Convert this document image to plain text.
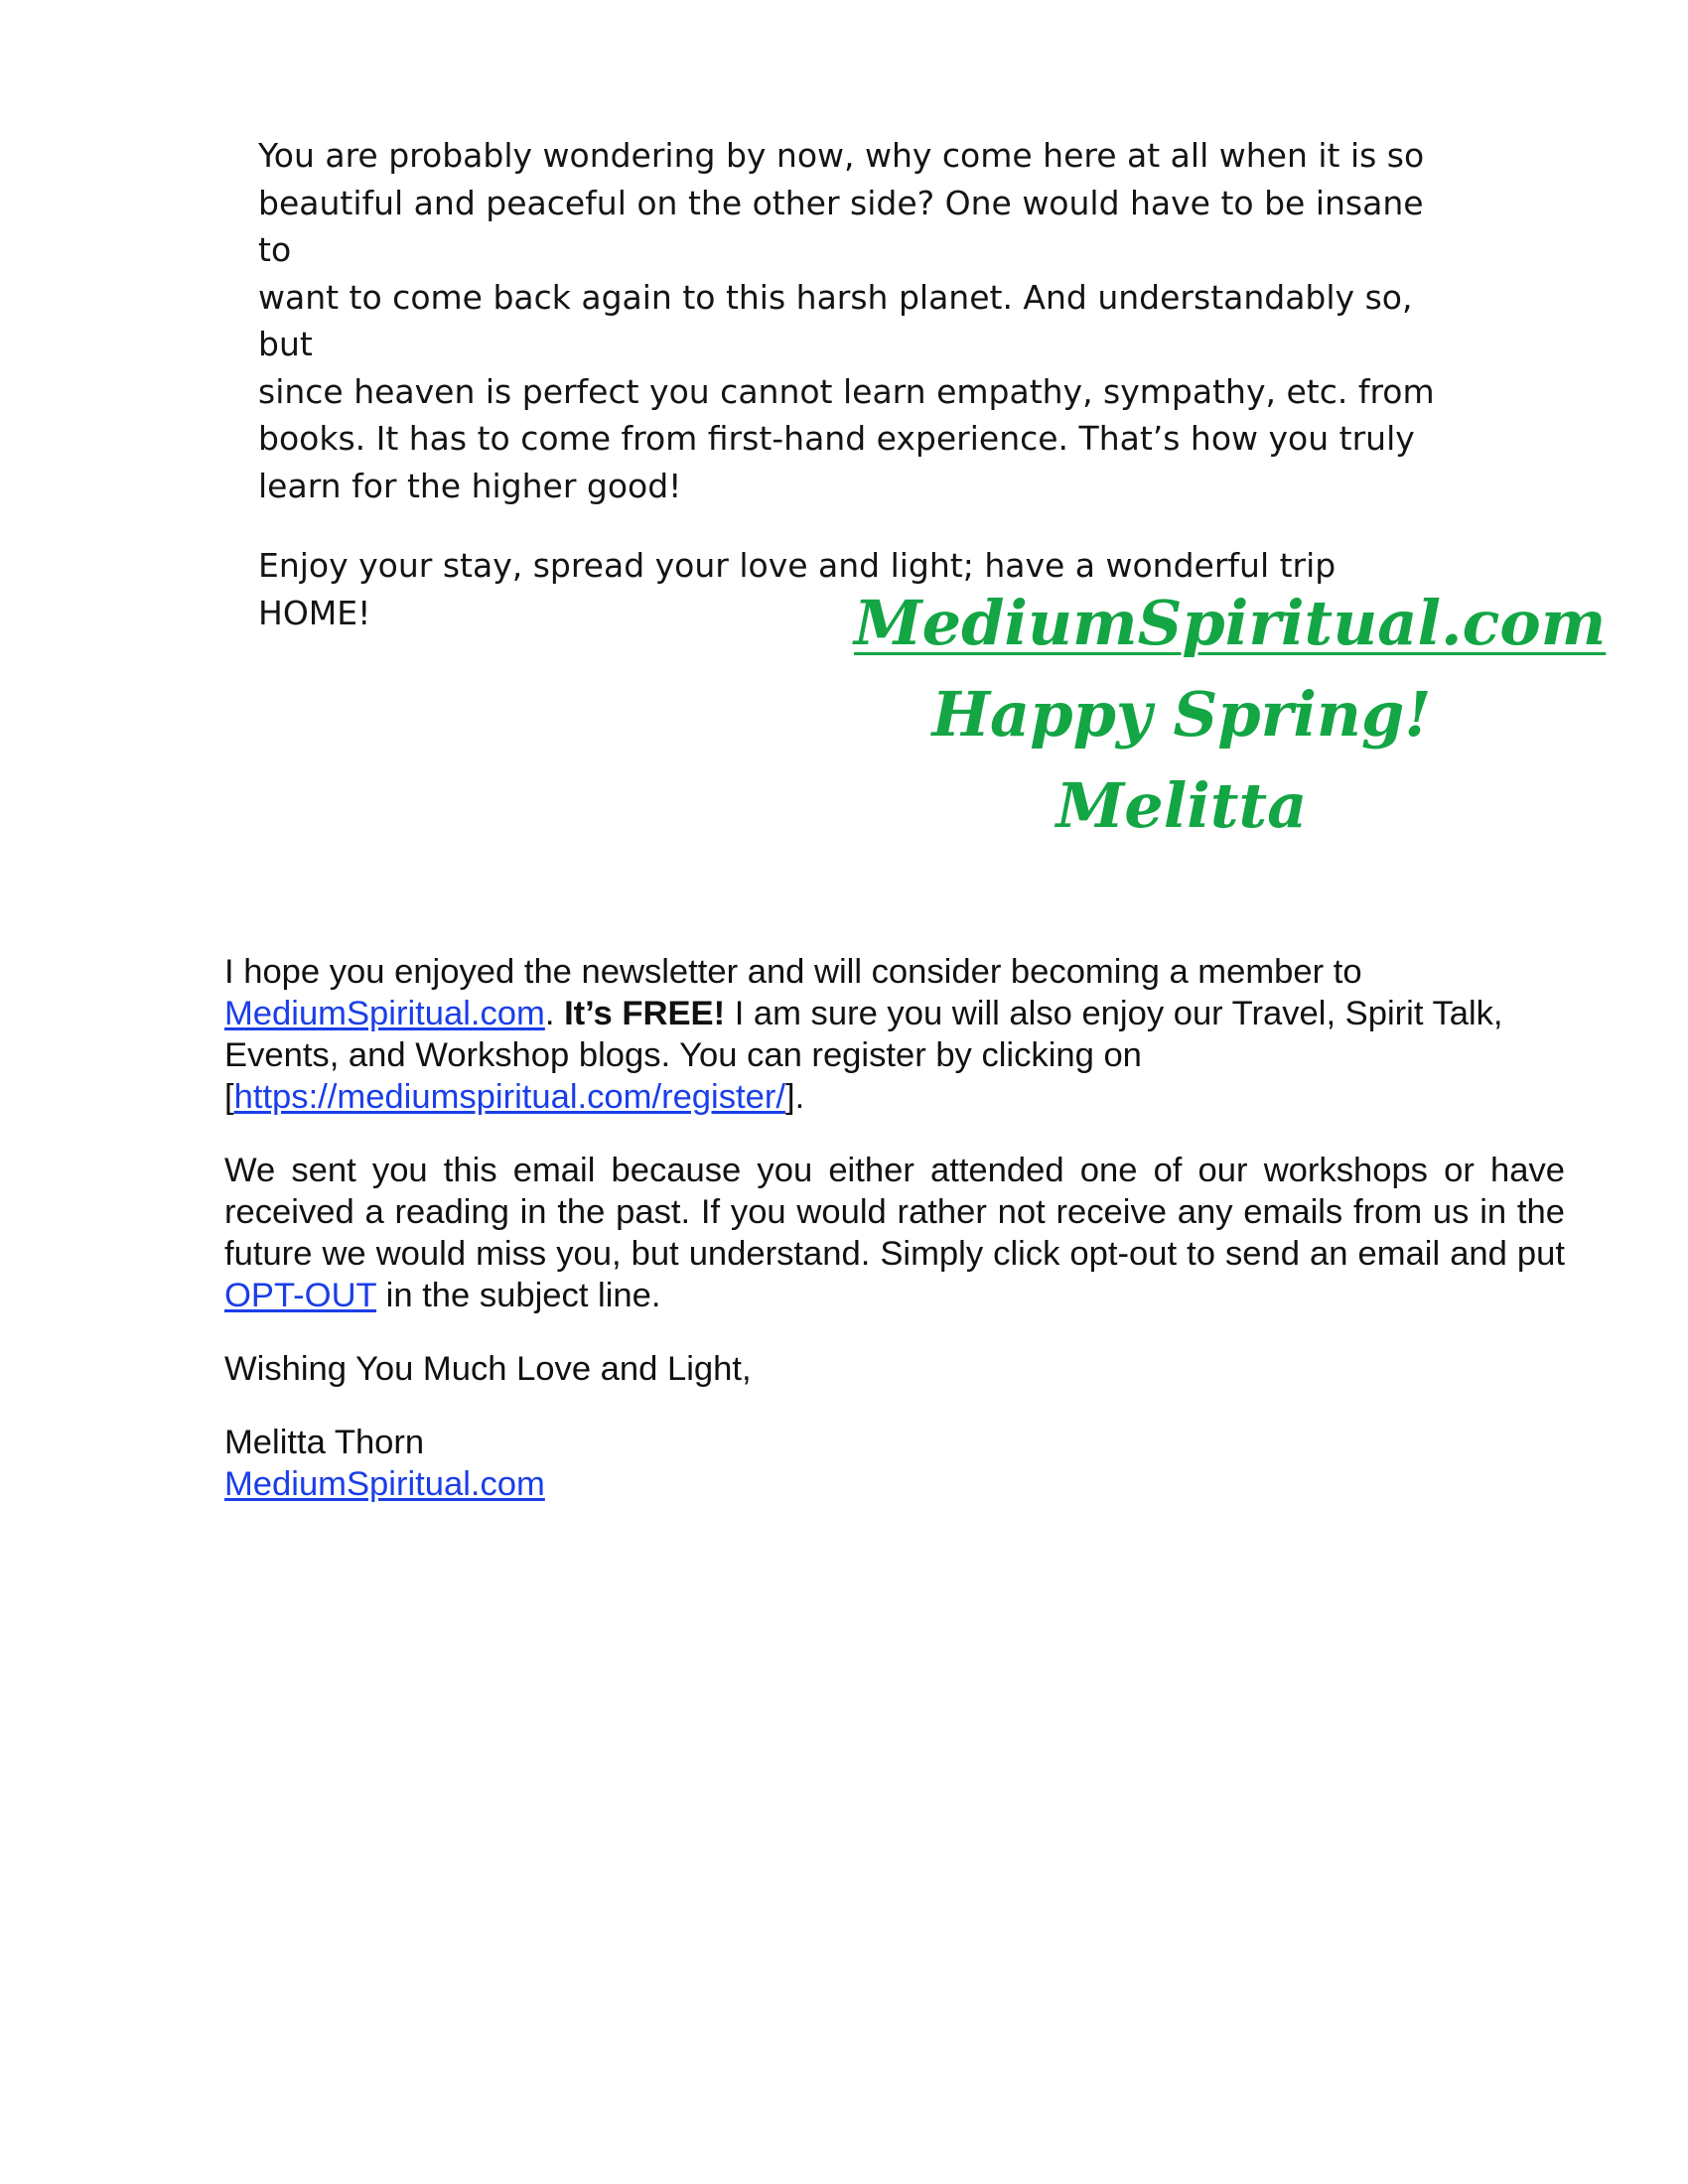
You are probably wondering by now, why come here at all when it is so
beautiful and peaceful on the other side? One would have to be insane to
want to come back again to this harsh planet. And understandably so, but
since heaven is perfect you cannot learn empathy, sympathy, etc. from
books. It has to come from first-hand experience. That’s how you truly
learn for the higher good!

Enjoy your stay, spread your love and light; have a wonderful trip HOME!	MediumSpiritual.com
Happy Spring!
Melitta

I hope you enjoyed the newsletter and will consider becoming a member to
MediumSpiritual.com. It’s FREE! I am sure you will also enjoy our Travel, Spirit Talk,
Events, and Workshop blogs. You can register by clicking on
[https://mediumspiritual.com/register/].

We sent you this email because you either attended one of our workshops or have received a reading in the past. If you would rather not receive any emails from us in the future we would miss you, but understand. Simply click opt-out to send an email and put OPT-OUT in the subject line.

Wishing You Much Love and Light,

Melitta Thorn
MediumSpiritual.com
